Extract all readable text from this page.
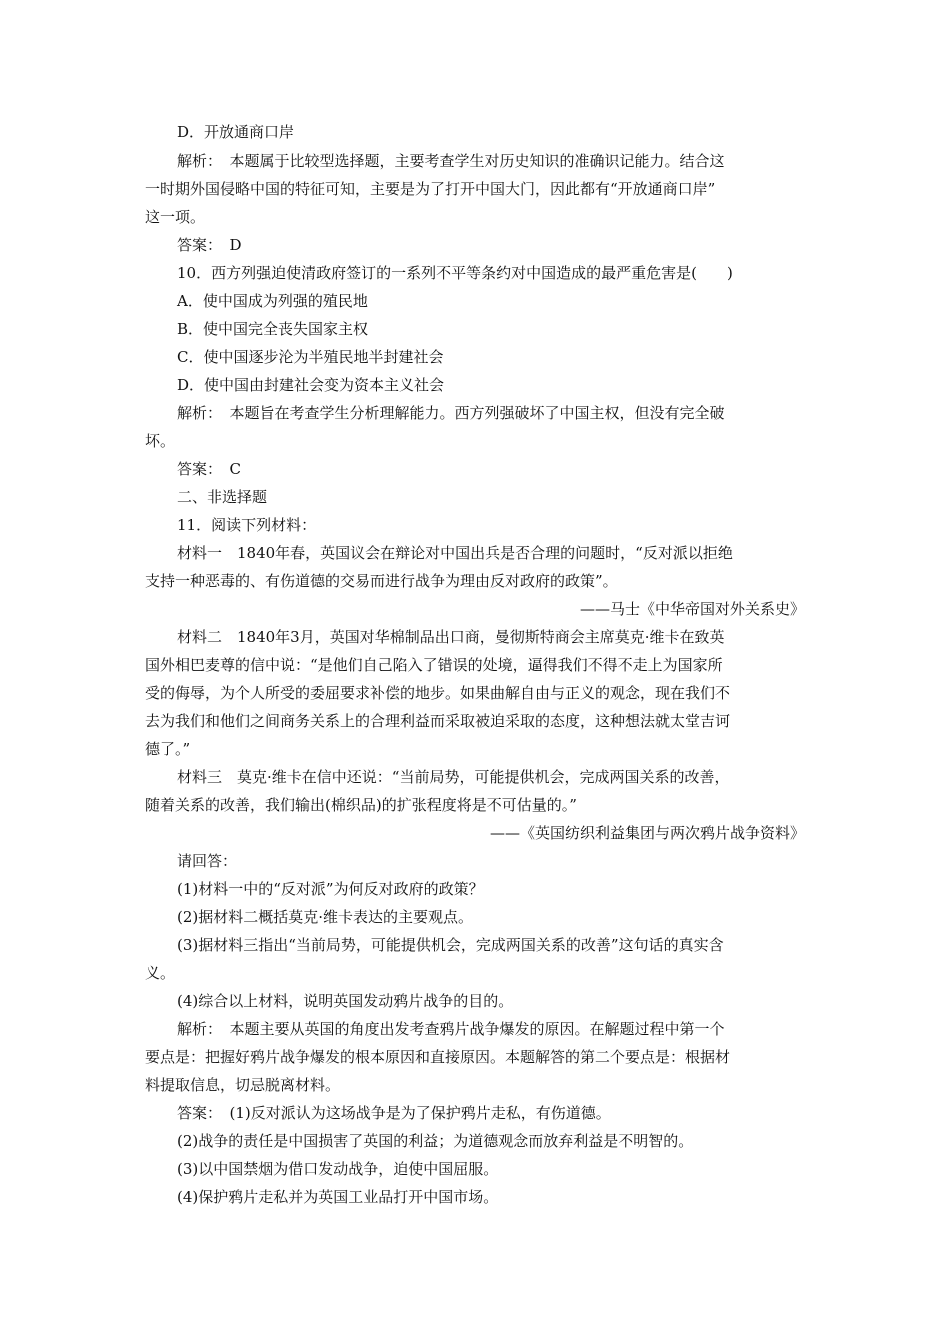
D．开放通商口岸
解析：　本题属于比较型选择题，主要考查学生对历史知识的准确识记能力。结合这
一时期外国侵略中国的特征可知，主要是为了打开中国大门，因此都有“开放通商口岸”
这一项。
答案：　D
10．西方列强迫使清政府签订的一系列不平等条约对中国造成的最严重危害是(　　)
A．使中国成为列强的殖民地
B．使中国完全丧失国家主权
C．使中国逐步沦为半殖民地半封建社会
D．使中国由封建社会变为资本主义社会
解析：　本题旨在考查学生分析理解能力。西方列强破坏了中国主权，但没有完全破
坏。
答案：　C
二、非选择题
11．阅读下列材料：
材料一　1840年春，英国议会在辩论对中国出兵是否合理的问题时，“反对派以拒绝
支持一种恶毒的、有伤道德的交易而进行战争为理由反对政府的政策”。
——马士《中华帝国对外关系史》
材料二　1840年3月，英国对华棉制品出口商，曼彻斯特商会主席莫克·维卡在致英
国外相巴麦尊的信中说：“是他们自己陷入了错误的处境，逼得我们不得不走上为国家所
受的侮辱，为个人所受的委屈要求补偿的地步。如果曲解自由与正义的观念，现在我们不
去为我们和他们之间商务关系上的合理利益而采取被迫采取的态度，这种想法就太堂吉诃
德了。”
材料三　莫克·维卡在信中还说：“当前局势，可能提供机会，完成两国关系的改善，
随着关系的改善，我们输出(棉织品)的扩张程度将是不可估量的。”
——《英国纺织利益集团与两次鸦片战争资料》
请回答：
(1)材料一中的“反对派”为何反对政府的政策？
(2)据材料二概括莫克·维卡表达的主要观点。
(3)据材料三指出“当前局势，可能提供机会，完成两国关系的改善”这句话的真实含
义。
(4)综合以上材料，说明英国发动鸦片战争的目的。
解析：　本题主要从英国的角度出发考查鸦片战争爆发的原因。在解题过程中第一个
要点是：把握好鸦片战争爆发的根本原因和直接原因。本题解答的第二个要点是：根据材
料提取信息，切忌脱离材料。
答案：　(1)反对派认为这场战争是为了保护鸦片走私，有伤道德。
(2)战争的责任是中国损害了英国的利益；为道德观念而放弃利益是不明智的。
(3)以中国禁烟为借口发动战争，迫使中国屈服。
(4)保护鸦片走私并为英国工业品打开中国市场。
